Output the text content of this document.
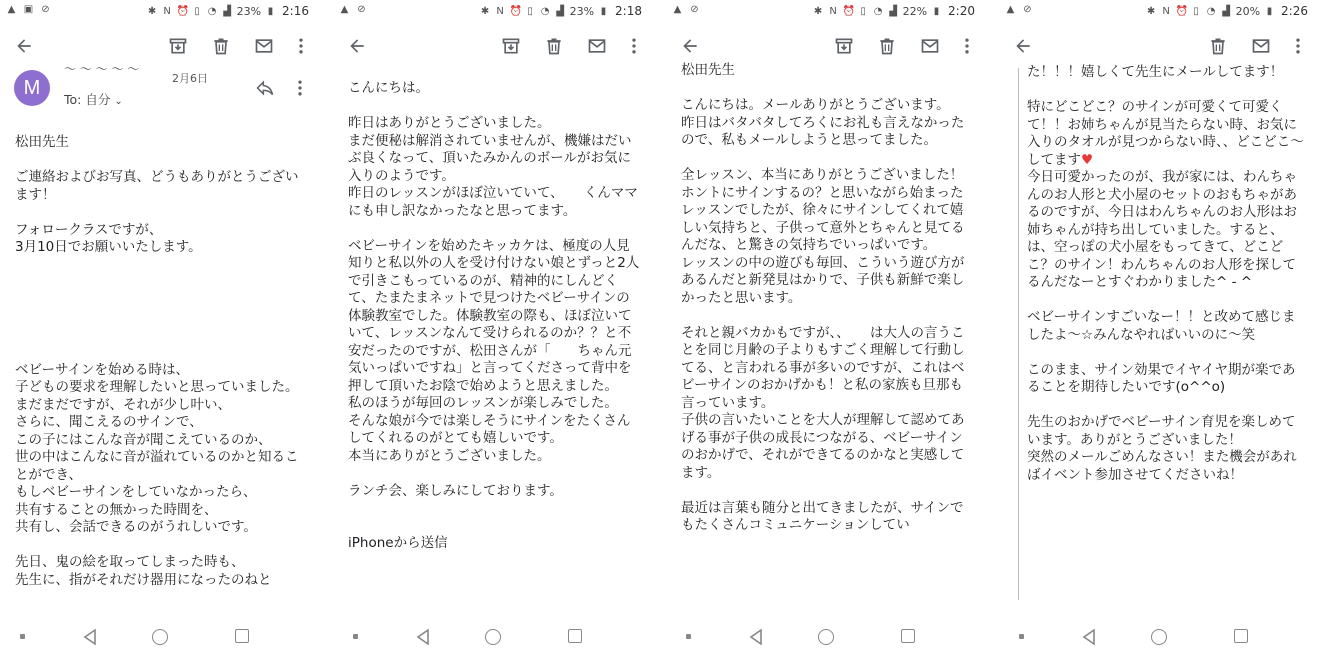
▲ ▣ ⊘	✱ N ⏰ ▯ ◔ ▟ 23% ▮ 2:16
M
～ ～ ～ ～ ～
2月6日
To: 自分 ⌄

松田先生

ご連絡およびお写真、どうもありがとうございます！

フォロークラスですが、
3月10日でお願いいたします。

ベビーサインを始める時は、
子どもの要求を理解したいと思っていました。
まだまだですが、それが少し叶い、
さらに、聞こえるのサインで、
この子にはこんな音が聞こえているのか、
世の中はこんなに音が溢れているのかと知ることができ、
もしベビーサインをしていなかったら、
共有することの無かった時間を、
共有し、会話できるのがうれしいです。

先日、鬼の絵を取ってしまった時も、
先生に、指がそれだけ器用になったのねと

▲ ⊘	✱ N ⏰ ▯ ◔ ▟ 23% ▮ 2:18

こんにちは。

昨日はありがとうございました。
まだ便秘は解消されていませんが、機嫌はだいぶ良くなって、頂いたみかんのボールがお気に入りのようです。
昨日のレッスンがほぼ泣いていて、　　くんママにも申し訳なかったなと思ってます。

ベビーサインを始めたキッカケは、極度の人見知りと私以外の人を受け付けない娘とずっと2人で引きこもっているのが、精神的にしんどくて、たまたまネットで見つけたベビーサインの体験教室でした。体験教室の際も、ほぼ泣いていて、レッスンなんて受けられるのか？？と不安だったのですが、松田さんが「　　ちゃん元気いっぱいですね」と言ってくださって背中を押して頂いたお陰で始めようと思えました。
私のほうが毎回のレッスンが楽しみでした。
そんな娘が今では楽しそうにサインをたくさんしてくれるのがとても嬉しいです。
本当にありがとうございました。

ランチ会、楽しみにしております。

iPhoneから送信

▲ ⊘	✱ N ⏰ ▯ ◔ ▟ 22% ▮ 2:20

松田先生

こんにちは。メールありがとうございます。
昨日はバタバタしてろくにお礼も言えなかったので、私もメールしようと思ってました。

全レッスン、本当にありがとうございました！
ホントにサインするの？と思いながら始まったレッスンでしたが、徐々にサインしてくれて嬉しい気持ちと、子供って意外とちゃんと見てるんだな、と驚きの気持ちでいっぱいです。
レッスンの中の遊びも毎回、こういう遊び方があるんだと新発見はかりで、子供も新鮮で楽しかったと思います。

それと親バカかもですが、、　　は大人の言うことを同じ月齢の子よりもすごく理解して行動してる、と言われる事が多いのですが、これはベビーサインのおかげかも！と私の家族も旦那も言っています。
子供の言いたいことを大人が理解して認めてあげる事が子供の成長につながる、ベビーサインのおかげで、それができてるのかなと実感してます。

最近は言葉も随分と出てきましたが、サインでもたくさんコミュニケーションしてい

▲ ⊘	✱ N ⏰ ▯ ◔ ▟ 20% ▮ 2:26

た！！！嬉しくて先生にメールしてます！

特にどこどこ？のサインが可愛くて可愛くて！！お姉ちゃんが見当たらない時、お気に入りのタオルが見つからない時、、どこどこ～してます♥
今日可愛かったのが、我が家には、わんちゃんのお人形と犬小屋のセットのおもちゃがあるのですが、今日はわんちゃんのお人形はお姉ちゃんが持ち出していました。すると、　は、空っぽの犬小屋をもってきて、どこどこ？のサイン！わんちゃんのお人形を探してるんだなーとすぐわかりました^ - ^

ベビーサインすごいなー！！と改めて感じましたよ～☆みんなやればいいのに～笑

このまま、サイン効果でイヤイヤ期が楽であることを期待したいです(o^^o)

先生のおかげでベビーサイン育児を楽しめています。ありがとうございました！
突然のメールごめんなさい！また機会があればイベント参加させてくださいね！
